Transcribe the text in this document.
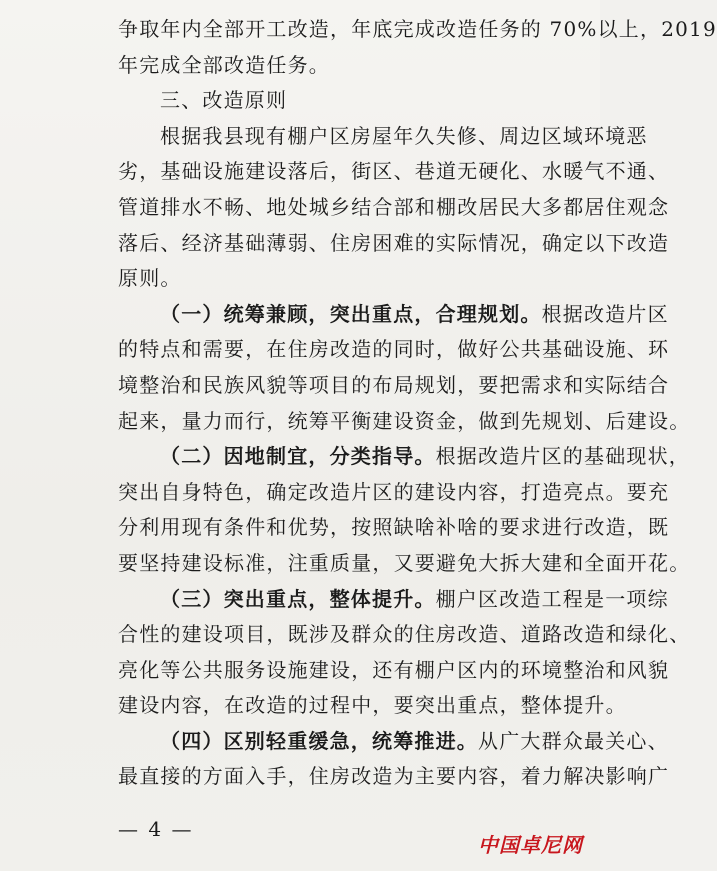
争取年内全部开工改造，年底完成改造任务的 70%以上，2019
年完成全部改造任务。
三、改造原则
根据我县现有棚户区房屋年久失修、周边区域环境恶
劣，基础设施建设落后，街区、巷道无硬化、水暖气不通、
管道排水不畅、地处城乡结合部和棚改居民大多都居住观念
落后、经济基础薄弱、住房困难的实际情况，确定以下改造
原则。
（一）统筹兼顾，突出重点，合理规划。根据改造片区
的特点和需要，在住房改造的同时，做好公共基础设施、环
境整治和民族风貌等项目的布局规划，要把需求和实际结合
起来，量力而行，统筹平衡建设资金，做到先规划、后建设。
（二）因地制宜，分类指导。根据改造片区的基础现状，
突出自身特色，确定改造片区的建设内容，打造亮点。要充
分利用现有条件和优势，按照缺啥补啥的要求进行改造，既
要坚持建设标准，注重质量，又要避免大拆大建和全面开花。
（三）突出重点，整体提升。棚户区改造工程是一项综
合性的建设项目，既涉及群众的住房改造、道路改造和绿化、
亮化等公共服务设施建设，还有棚户区内的环境整治和风貌
建设内容，在改造的过程中，要突出重点，整体提升。
（四）区别轻重缓急，统筹推进。从广大群众最关心、
最直接的方面入手，住房改造为主要内容，着力解决影响广
— 4 —
中国卓尼网
